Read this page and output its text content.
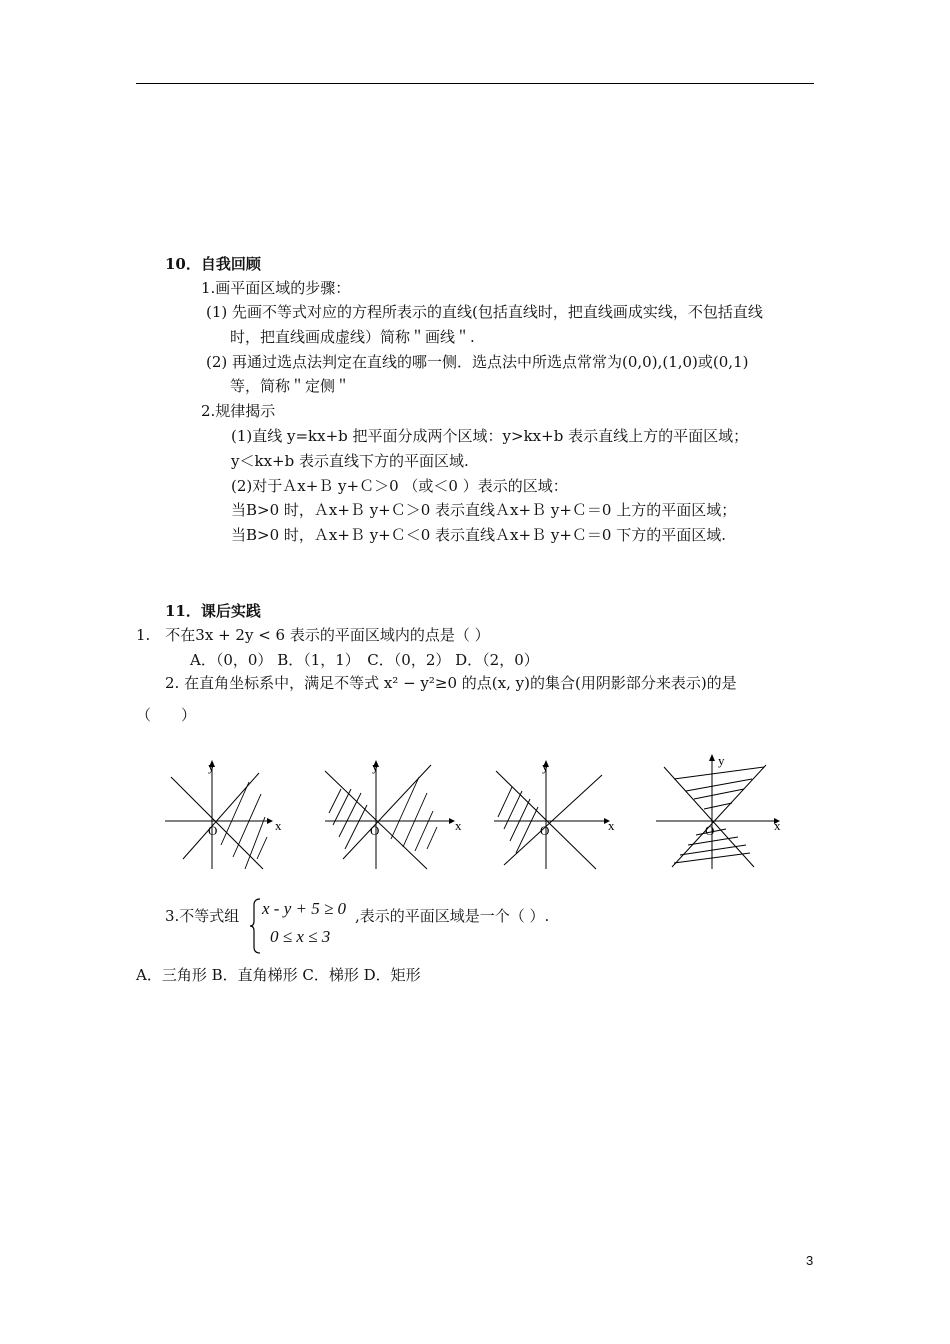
10．自我回顾
1.画平面区域的步骤：
(1) 先画不等式对应的方程所表示的直线(包括直线时，把直线画成实线，不包括直线
时，把直线画成虚线）简称＂画线＂.
(2) 再通过选点法判定在直线的哪一侧．选点法中所选点常常为(0,0),(1,0)或(0,1)
等，简称＂定侧＂
2.规律揭示
(1)直线 y=kx+b 把平面分成两个区域：y>kx+b 表示直线上方的平面区域；
y＜kx+b 表示直线下方的平面区域.
(2)对于Ａx+Ｂ y+Ｃ＞0 （或＜0 ）表示的区域：
当B>0 时，Ａx+Ｂ y+Ｃ＞0 表示直线Ａx+Ｂ y+Ｃ＝0 上方的平面区域；
当B>0 时，Ａx+Ｂ y+Ｃ＜0 表示直线Ａx+Ｂ y+Ｃ＝0 下方的平面区域.
11．课后实践
1.　不在3x + 2y < 6 表示的平面区域内的点是（ ）
A．（0，0） B．（1，1）　C．（0，2） D．（2，0）
2. 在直角坐标系中，满足不等式 x² − y²≥0 的点(x, y)的集合(用阴影部分来表示)的是
（　　）
y
x
O
y
x
O
y
x
O
y
x
O
3.不等式组 x - y + 5 ≥ 0
0 ≤ x ≤ 3
,表示的平面区域是一个（ ）.
A．三角形 B．直角梯形 C．梯形 D．矩形
3
